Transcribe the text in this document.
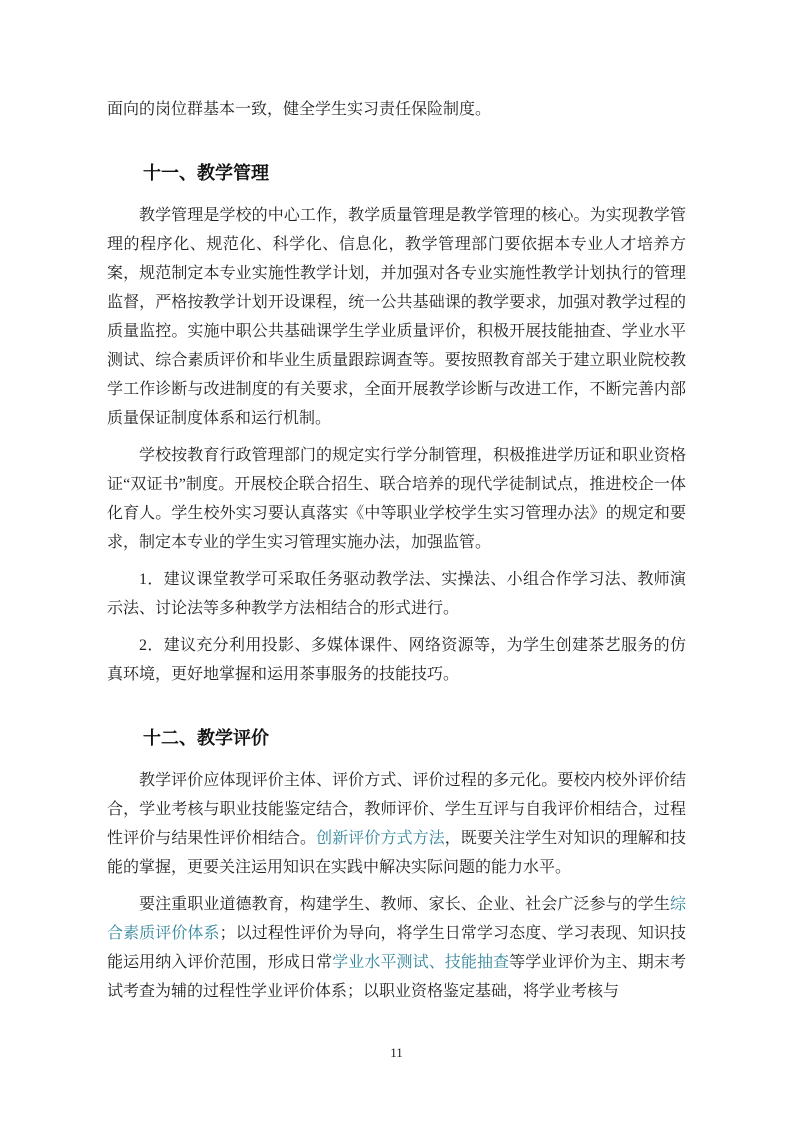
面向的岗位群基本一致，健全学生实习责任保险制度。

十一、教学管理

教学管理是学校的中心工作，教学质量管理是教学管理的核心。为实现教学管理的程序化、规范化、科学化、信息化，教学管理部门要依据本专业人才培养方案，规范制定本专业实施性教学计划，并加强对各专业实施性教学计划执行的管理监督，严格按教学计划开设课程，统一公共基础课的教学要求，加强对教学过程的质量监控。实施中职公共基础课学生学业质量评价，积极开展技能抽查、学业水平测试、综合素质评价和毕业生质量跟踪调查等。要按照教育部关于建立职业院校教学工作诊断与改进制度的有关要求，全面开展教学诊断与改进工作，不断完善内部质量保证制度体系和运行机制。

学校按教育行政管理部门的规定实行学分制管理，积极推进学历证和职业资格证“双证书”制度。开展校企联合招生、联合培养的现代学徒制试点，推进校企一体化育人。学生校外实习要认真落实《中等职业学校学生实习管理办法》的规定和要求，制定本专业的学生实习管理实施办法，加强监管。

1．建议课堂教学可采取任务驱动教学法、实操法、小组合作学习法、教师演示法、讨论法等多种教学方法相结合的形式进行。

2．建议充分利用投影、多媒体课件、网络资源等，为学生创建茶艺服务的仿真环境，更好地掌握和运用茶事服务的技能技巧。

十二、教学评价

教学评价应体现评价主体、评价方式、评价过程的多元化。要校内校外评价结合，学业考核与职业技能鉴定结合，教师评价、学生互评与自我评价相结合，过程性评价与结果性评价相结合。创新评价方式方法，既要关注学生对知识的理解和技能的掌握，更要关注运用知识在实践中解决实际问题的能力水平。

要注重职业道德教育，构建学生、教师、家长、企业、社会广泛参与的学生综合素质评价体系；以过程性评价为导向，将学生日常学习态度、学习表现、知识技能运用纳入评价范围，形成日常学业水平测试、技能抽查等学业评价为主、期末考试考查为辅的过程性学业评价体系；以职业资格鉴定基础，将学业考核与

11
